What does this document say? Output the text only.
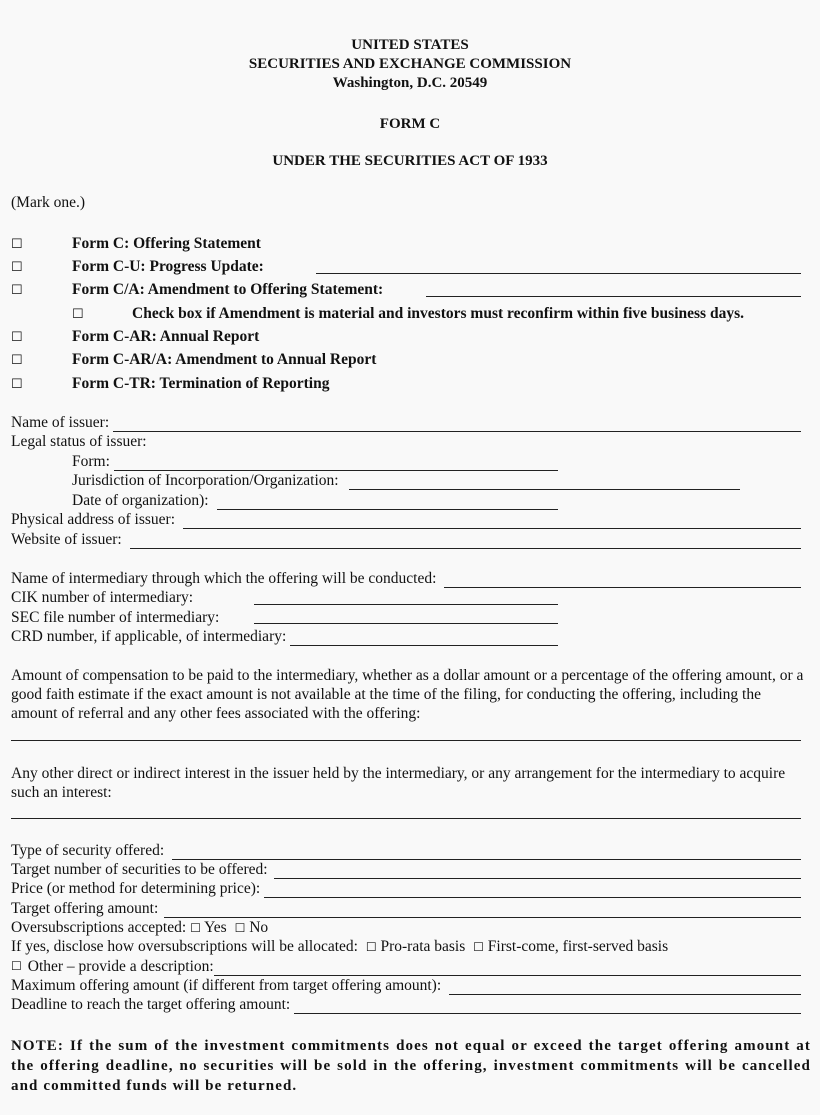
UNITED STATES
SECURITIES AND EXCHANGE COMMISSION
Washington, D.C. 20549
FORM C
UNDER THE SECURITIES ACT OF 1933
(Mark one.)
☐	Form C: Offering Statement
☐	Form C-U: Progress Update:
☐	Form C/A: Amendment to Offering Statement:
☐	Check box if Amendment is material and investors must reconfirm within five business days.
☐	Form C-AR: Annual Report
☐	Form C-AR/A: Amendment to Annual Report
☐	Form C-TR: Termination of Reporting
Name of issuer:
Legal status of issuer:
Form:
Jurisdiction of Incorporation/Organization:
Date of organization):
Physical address of issuer:
Website of issuer:
Name of intermediary through which the offering will be conducted:
CIK number of intermediary:
SEC file number of intermediary:
CRD number, if applicable, of intermediary:
Amount of compensation to be paid to the intermediary, whether as a dollar amount or a percentage of the offering amount, or a good faith estimate if the exact amount is not available at the time of the filing, for conducting the offering, including the amount of referral and any other fees associated with the offering:
Any other direct or indirect interest in the issuer held by the intermediary, or any arrangement for the intermediary to acquire such an interest:
Type of security offered:
Target number of securities to be offered:
Price (or method for determining price):
Target offering amount:
Oversubscriptions accepted: ☐ Yes ☐ No
If yes, disclose how oversubscriptions will be allocated: ☐ Pro-rata basis ☐ First-come, first-served basis
☐ Other – provide a description:
Maximum offering amount (if different from target offering amount):
Deadline to reach the target offering amount:
NOTE: If the sum of the investment commitments does not equal or exceed the target offering amount at the offering deadline, no securities will be sold in the offering, investment commitments will be cancelled and committed funds will be returned.
